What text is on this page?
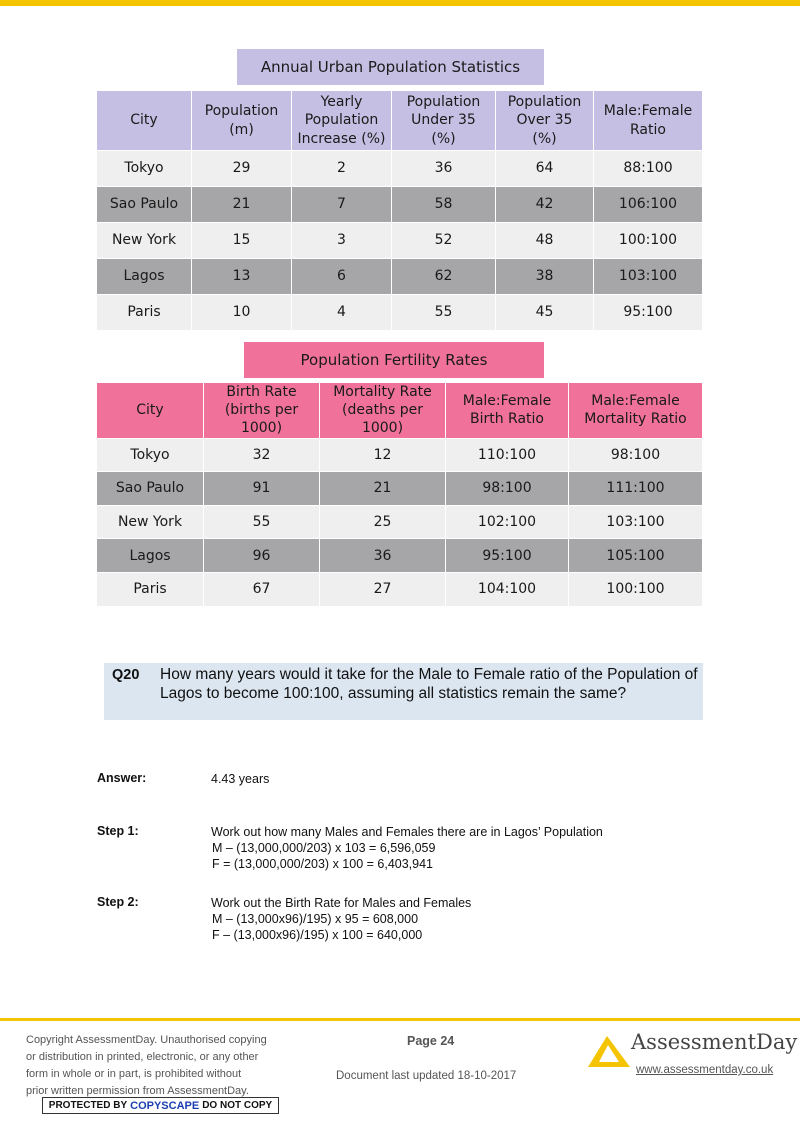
Annual Urban Population Statistics
City	Population (m)	Yearly Population Increase (%)	Population Under 35 (%)	Population Over 35 (%)	Male:Female Ratio
Tokyo	29	2	36	64	88:100
Sao Paulo	21	7	58	42	106:100
New York	15	3	52	48	100:100
Lagos	13	6	62	38	103:100
Paris	10	4	55	45	95:100
Population Fertility Rates
City	Birth Rate (births per 1000)	Mortality Rate (deaths per 1000)	Male:Female Birth Ratio	Male:Female Mortality Ratio
Tokyo	32	12	110:100	98:100
Sao Paulo	91	21	98:100	111:100
New York	55	25	102:100	103:100
Lagos	96	36	95:100	105:100
Paris	67	27	104:100	100:100
Q20 How many years would it take for the Male to Female ratio of the Population of Lagos to become 100:100, assuming all statistics remain the same?
Answer:	4.43 years
Step 1:	Work out how many Males and Females there are in Lagos’ Population
M – (13,000,000/203) x 103 = 6,596,059
F = (13,000,000/203) x 100 = 6,403,941
Step 2:	Work out the Birth Rate for Males and Females
M – (13,000x96)/195) x 95 = 608,000
F – (13,000x96)/195) x 100 = 640,000
Copyright AssessmentDay. Unauthorised copying
or distribution in printed, electronic, or any other
form in whole or in part, is prohibited without
prior written permission from AssessmentDay.
PROTECTED BY COPYSCAPE DO NOT COPY
Page 24
Document last updated 18-10-2017
AssessmentDay
www.assessmentday.co.uk
